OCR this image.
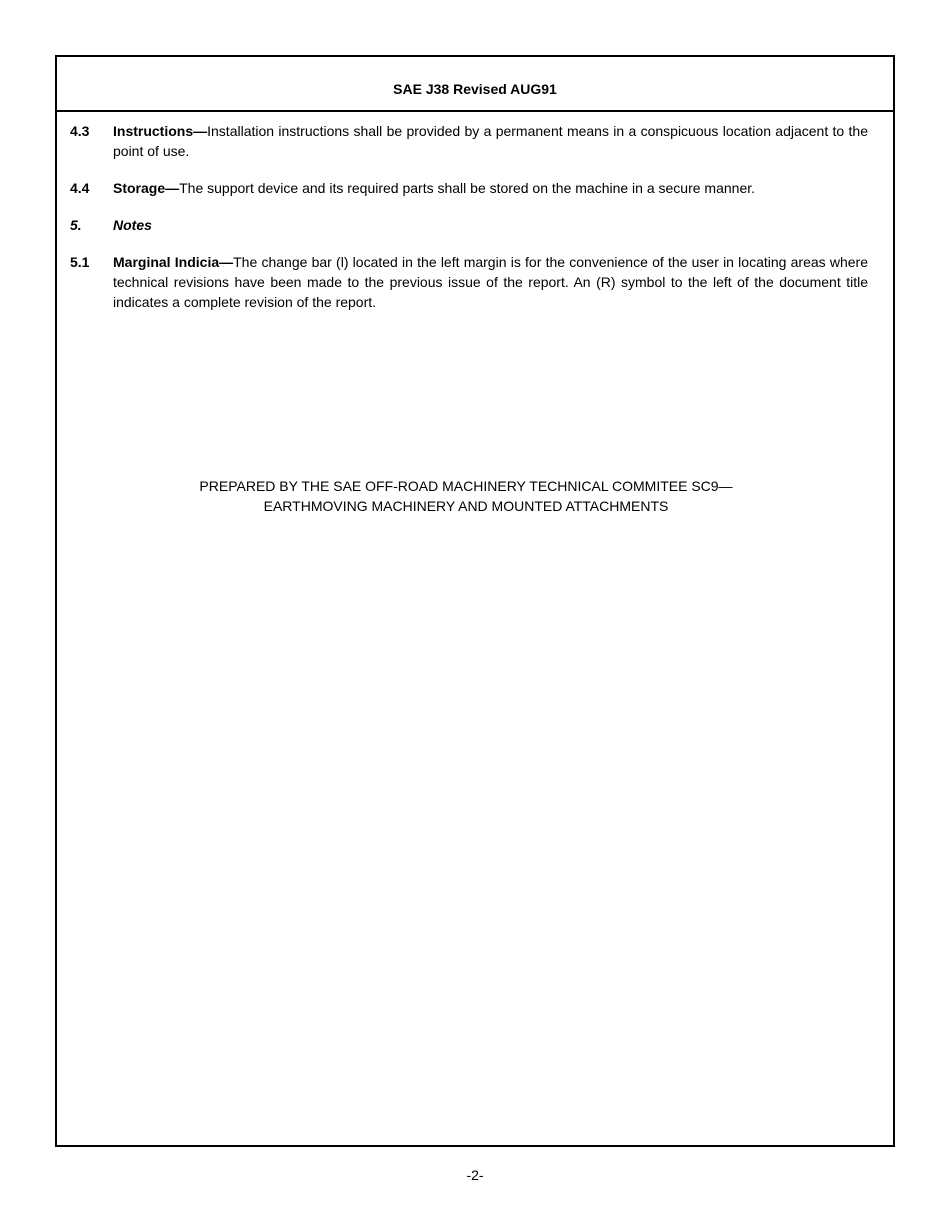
SAE J38 Revised AUG91
4.3 Instructions—Installation instructions shall be provided by a permanent means in a conspicuous location adjacent to the point of use.
4.4 Storage—The support device and its required parts shall be stored on the machine in a secure manner.
5. Notes
5.1 Marginal Indicia—The change bar (l) located in the left margin is for the convenience of the user in locating areas where technical revisions have been made to the previous issue of the report. An (R) symbol to the left of the document title indicates a complete revision of the report.
PREPARED BY THE SAE OFF-ROAD MACHINERY TECHNICAL COMMITEE SC9—
EARTHMOVING MACHINERY AND MOUNTED ATTACHMENTS
-2-
